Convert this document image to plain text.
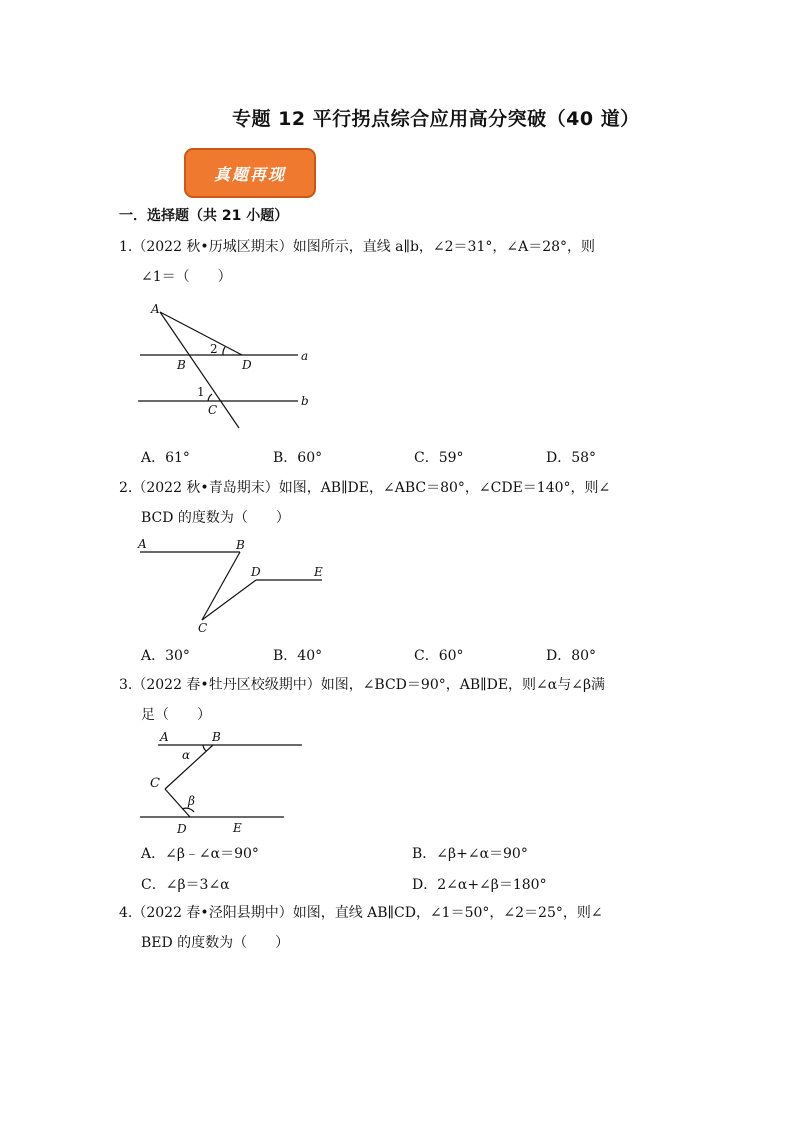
专题 12 平行拐点综合应用高分突破（40 道）
真题再现
一．选择题（共 21 小题）
1.（2022 秋•历城区期末）如图所示，直线 a∥b，∠2＝31°，∠A＝28°，则
∠1＝（　　）
A
B	D
C
a
b
2
1
A．61°	B．60°	C．59°	D．58°
2.（2022 秋•青岛期末）如图，AB∥DE，∠ABC＝80°，∠CDE＝140°，则∠
BCD 的度数为（　　）
A	B
D	E
C
A．30°	B．40°	C．60°	D．80°
3.（2022 春•牡丹区校级期中）如图，∠BCD＝90°，AB∥DE，则∠α与∠β满
足（　　）
A	B
α
C
β
D	E
A．∠β﹣∠α＝90°	B．∠β+∠α＝90°
C．∠β＝3∠α	D．2∠α+∠β＝180°
4.（2022 春•泾阳县期中）如图，直线 AB∥CD，∠1＝50°，∠2＝25°，则∠
BED 的度数为（　　）
